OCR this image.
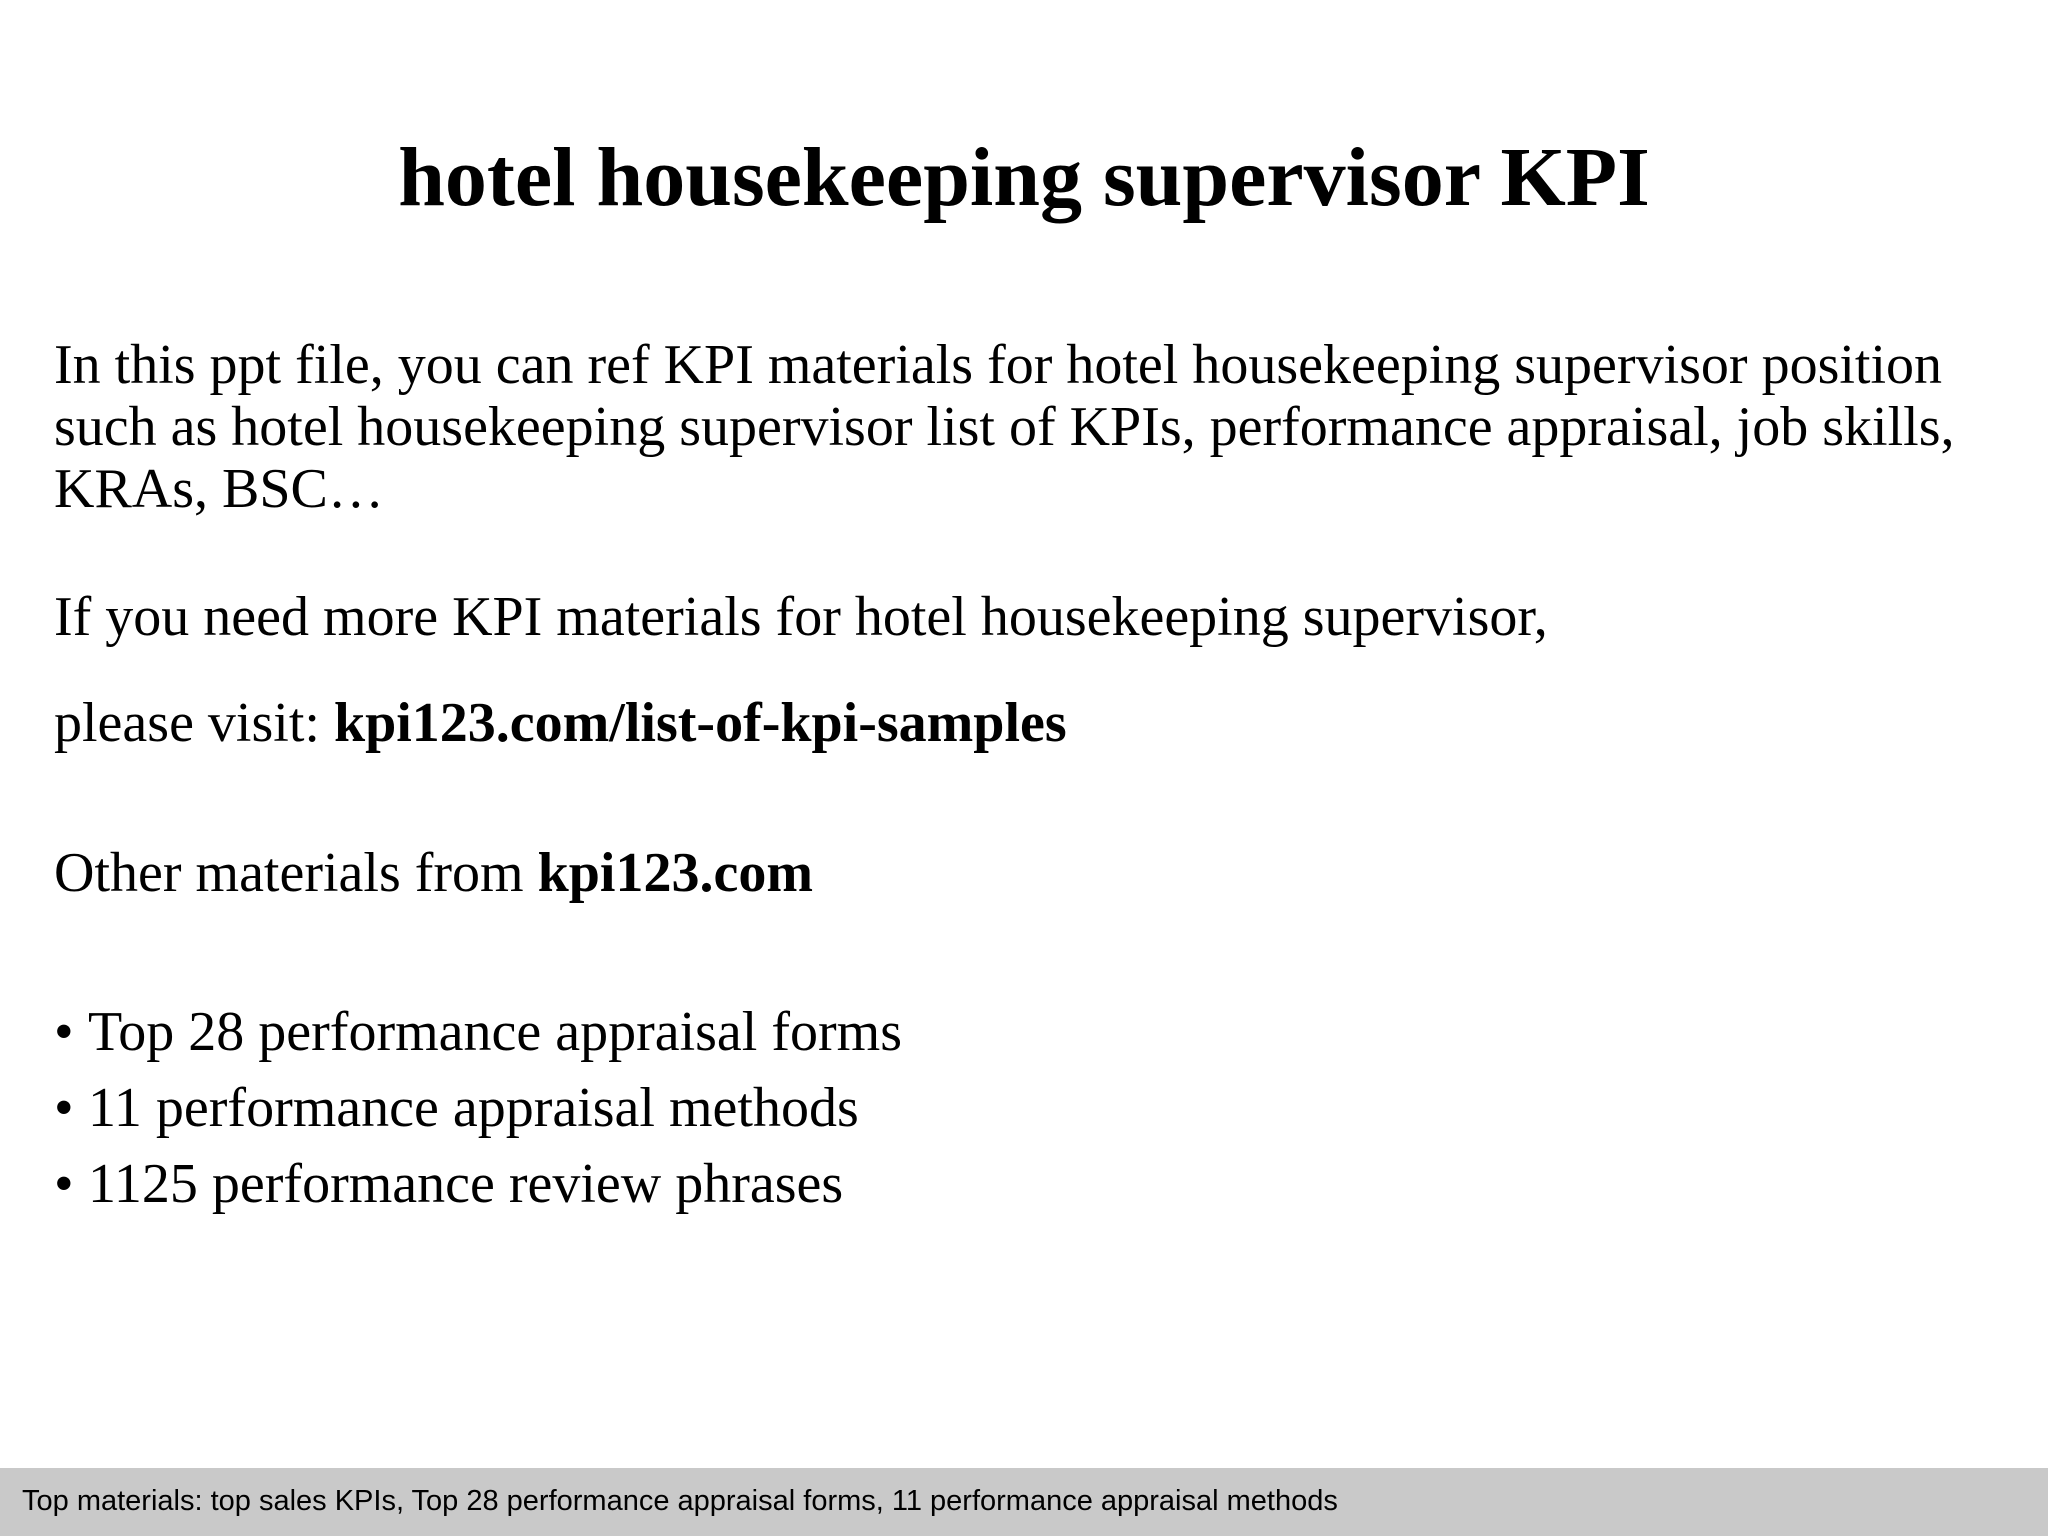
hotel housekeeping supervisor KPI

In this ppt file, you can ref KPI materials for hotel housekeeping supervisor position such as hotel housekeeping supervisor list of KPIs, performance appraisal, job skills, KRAs, BSC…

If you need more KPI materials for hotel housekeeping supervisor,

please visit: kpi123.com/list-of-kpi-samples

Other materials from kpi123.com

• Top 28 performance appraisal forms
• 11 performance appraisal methods
• 1125 performance review phrases
Top materials: top sales KPIs, Top 28 performance appraisal forms, 11 performance appraisal methods
